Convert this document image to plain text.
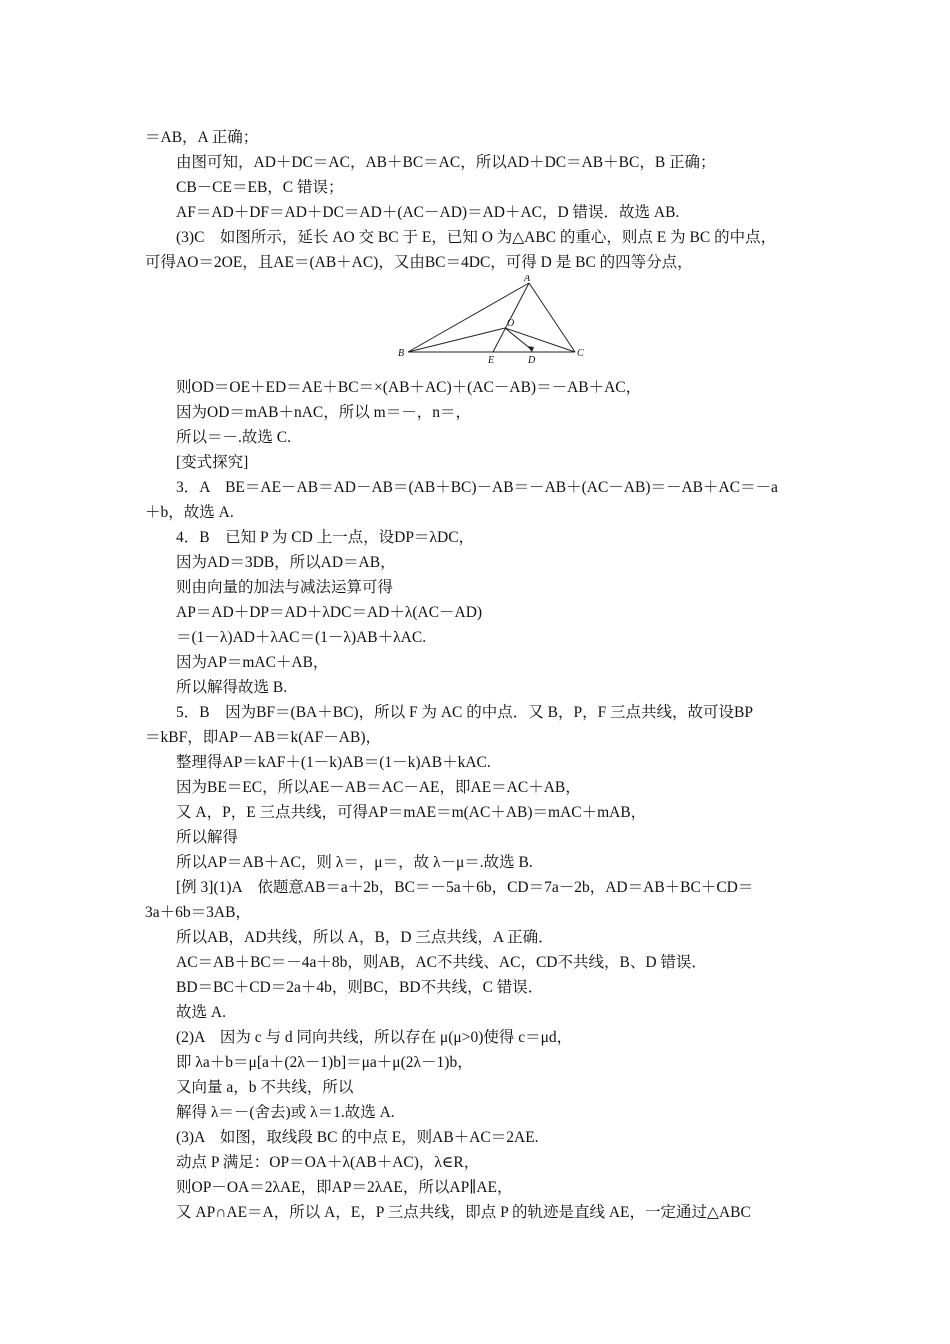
＝AB，A 正确；
由图可知，AD＋DC＝AC，AB＋BC＝AC，所以AD＋DC＝AB＋BC，B 正确；
CB－CE＝EB，C 错误；
AF＝AD＋DF＝AD＋DC＝AD＋(AC－AD)＝AD＋AC，D 错误．故选 AB.
(3)C　如图所示，延长 AO 交 BC 于 E，已知 O 为△ABC 的重心，则点 E 为 BC 的中点，
可得AO＝2OE，且AE＝(AB＋AC)，又由BC＝4DC，可得 D 是 BC 的四等分点，
A
O
B
E	D
C
则OD＝OE＋ED＝AE＋BC＝×(AB＋AC)＋(AC－AB)＝－AB＋AC，
因为OD＝mAB＋nAC，所以 m＝－，n＝，
所以＝－.故选 C.
[变式探究]
3．A　BE＝AE－AB＝AD－AB＝(AB＋BC)－AB＝－AB＋(AC－AB)＝－AB＋AC＝－a
＋b，故选 A.
4．B　已知 P 为 CD 上一点，设DP＝λDC，
因为AD＝3DB，所以AD＝AB，
则由向量的加法与减法运算可得
AP＝AD＋DP＝AD＋λDC＝AD＋λ(AC－AD)
＝(1－λ)AD＋λAC＝(1－λ)AB＋λAC.
因为AP＝mAC＋AB，
所以解得故选 B.
5．B　因为BF＝(BA＋BC)，所以 F 为 AC 的中点．又 B，P，F 三点共线，故可设BP
＝kBF，即AP－AB＝k(AF－AB)，
整理得AP＝kAF＋(1－k)AB＝(1－k)AB＋kAC.
因为BE＝EC，所以AE－AB＝AC－AE，即AE＝AC＋AB，
又 A，P，E 三点共线，可得AP＝mAE＝m(AC＋AB)＝mAC＋mAB，
所以解得
所以AP＝AB＋AC，则 λ＝，μ＝，故 λ－μ＝.故选 B.
[例 3](1)A　依题意AB＝a＋2b，BC＝－5a＋6b，CD＝7a－2b，AD＝AB＋BC＋CD＝
3a＋6b＝3AB，
所以AB，AD共线，所以 A，B，D 三点共线，A 正确．
AC＝AB＋BC＝－4a＋8b，则AB，AC不共线、AC，CD不共线，B、D 错误．
BD＝BC＋CD＝2a＋4b，则BC，BD不共线，C 错误．
故选 A.
(2)A　因为 c 与 d 同向共线，所以存在 μ(μ>0)使得 c＝μd，
即 λa＋b＝μ[a＋(2λ－1)b]＝μa＋μ(2λ－1)b，
又向量 a，b 不共线，所以
解得 λ＝－(舍去)或 λ＝1.故选 A.
(3)A　如图，取线段 BC 的中点 E，则AB＋AC＝2AE.
动点 P 满足：OP＝OA＋λ(AB＋AC)，λ∈R，
则OP－OA＝2λAE，即AP＝2λAE，所以AP∥AE，
又 AP∩AE＝A，所以 A，E，P 三点共线，即点 P 的轨迹是直线 AE，一定通过△ABC
